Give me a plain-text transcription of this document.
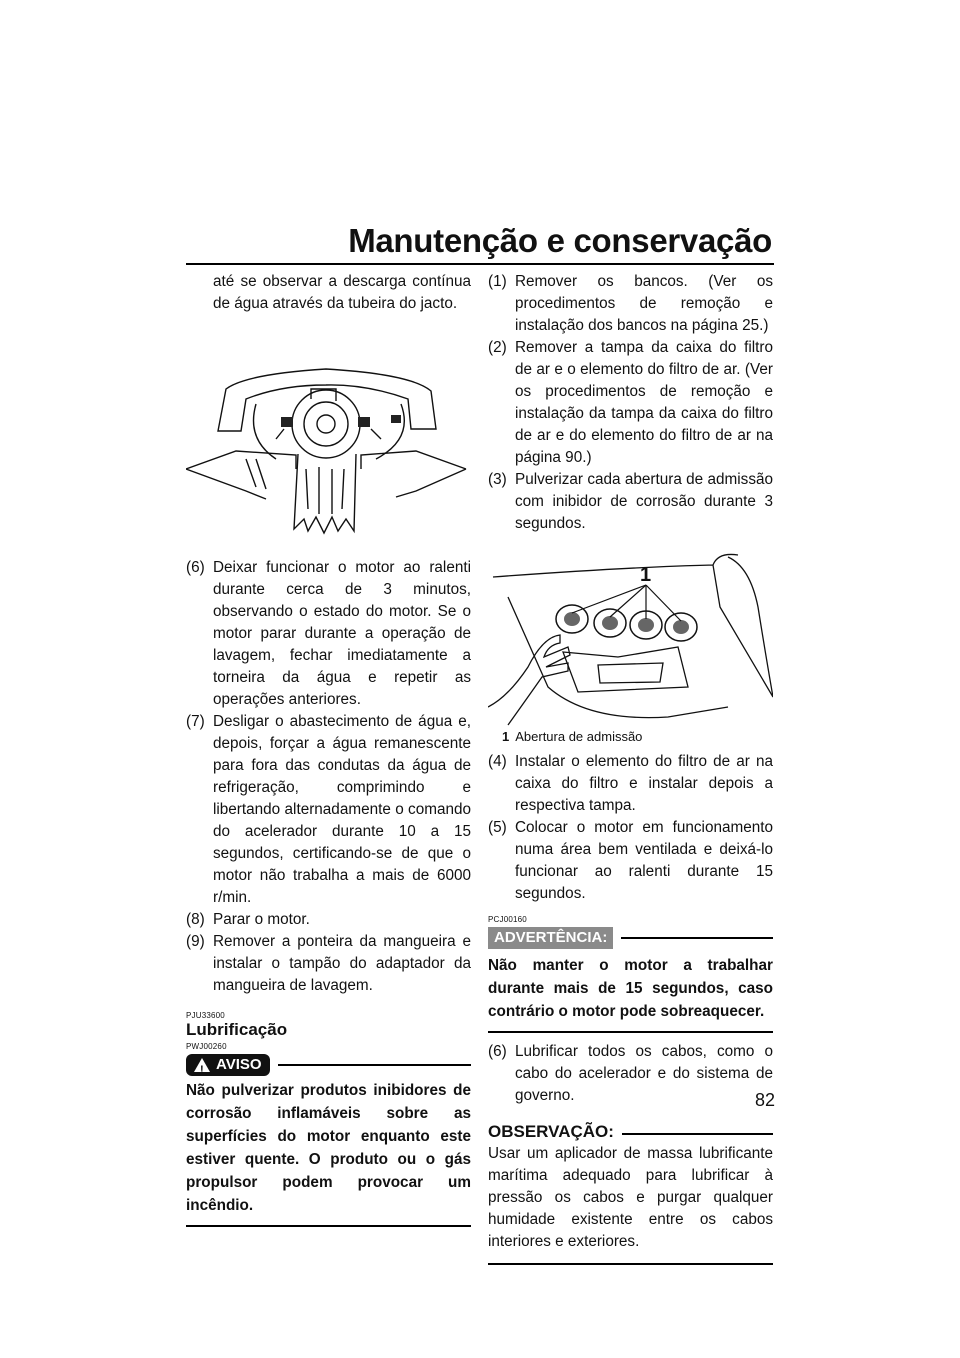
Manutenção e conservação

até se observar a descarga contínua de água através da tubeira do jacto.

(6) Deixar funcionar o motor ao ralenti durante cerca de 3 minutos, observando o estado do motor. Se o motor parar durante a operação de lavagem, fechar imediatamente a torneira da água e repetir as operações anteriores.
(7) Desligar o abastecimento de água e, depois, forçar a água remanescente para fora das condutas da água de refrigeração, comprimindo e libertando alternadamente o comando do acelerador durante 10 a 15 segundos, certificando-se de que o motor não trabalha a mais de 6000 r/min.
(8) Parar o motor.
(9) Remover a ponteira da mangueira e instalar o tampão do adaptador da mangueira de lavagem.
PJU33600
Lubrificação
PWJ00260
! AVISO

Não pulverizar produtos inibidores de corrosão inflamáveis sobre as superfícies do motor enquanto este estiver quente. O produto ou o gás propulsor podem provocar um incêndio.

(1) Remover os bancos. (Ver os procedimentos de remoção e instalação dos bancos na página 25.)
(2) Remover a tampa da caixa do filtro de ar e o elemento do filtro de ar. (Ver os procedimentos de remoção e instalação da tampa da caixa do filtro de ar e do elemento do filtro de ar na página 90.)
(3) Pulverizar cada abertura de admissão com inibidor de corrosão durante 3 segundos.
1
1 Abertura de admissão
(4) Instalar o elemento do filtro de ar na caixa do filtro e instalar depois a respectiva tampa.
(5) Colocar o motor em funcionamento numa área bem ventilada e deixá-lo funcionar ao ralenti durante 15 segundos.
PCJ00160
ADVERTÊNCIA:

Não manter o motor a trabalhar durante mais de 15 segundos, caso contrário o motor pode sobreaquecer.

(6) Lubrificar todos os cabos, como o cabo do acelerador e do sistema de governo.
OBSERVAÇÃO:

Usar um aplicador de massa lubrificante marítima adequado para lubrificar à pressão os cabos e purgar qualquer humidade existente entre os cabos interiores e exteriores.

82
